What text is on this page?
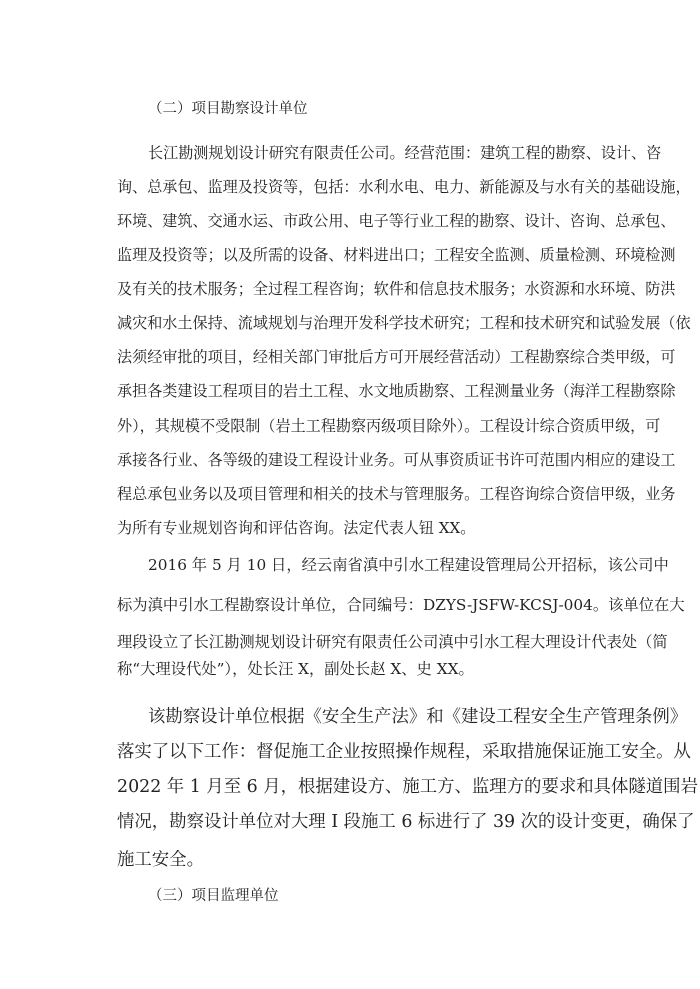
（二）项目勘察设计单位
长江勘测规划设计研究有限责任公司。经营范围：建筑工程的勘察、设计、咨
询、总承包、监理及投资等，包括：水利水电、电力、新能源及与水有关的基础设施，
环境、建筑、交通水运、市政公用、电子等行业工程的勘察、设计、咨询、总承包、
监理及投资等；以及所需的设备、材料进出口；工程安全监测、质量检测、环境检测
及有关的技术服务；全过程工程咨询；软件和信息技术服务；水资源和水环境、防洪
减灾和水土保持、流域规划与治理开发科学技术研究；工程和技术研究和试验发展（依
法须经审批的项目，经相关部门审批后方可开展经营活动）工程勘察综合类甲级，可
承担各类建设工程项目的岩土工程、水文地质勘察、工程测量业务（海洋工程勘察除
外），其规模不受限制（岩土工程勘察丙级项目除外）。工程设计综合资质甲级，可
承接各行业、各等级的建设工程设计业务。可从事资质证书许可范围内相应的建设工
程总承包业务以及项目管理和相关的技术与管理服务。工程咨询综合资信甲级，业务
为所有专业规划咨询和评估咨询。法定代表人钮 XX。
2016 年 5 月 10 日，经云南省滇中引水工程建设管理局公开招标，该公司中
标为滇中引水工程勘察设计单位，合同编号：DZYS-JSFW-KCSJ-004。该单位在大
理段设立了长江勘测规划设计研究有限责任公司滇中引水工程大理设计代表处（简
称“大理设代处”），处长汪 X，副处长赵 X、史 XX。
该勘察设计单位根据《安全生产法》和《建设工程安全生产管理条例》
落实了以下工作：督促施工企业按照操作规程，采取措施保证施工安全。从
2022 年 1 月至 6 月，根据建设方、施工方、监理方的要求和具体隧道围岩
情况，勘察设计单位对大理 I 段施工 6 标进行了 39 次的设计变更，确保了
施工安全。
（三）项目监理单位
